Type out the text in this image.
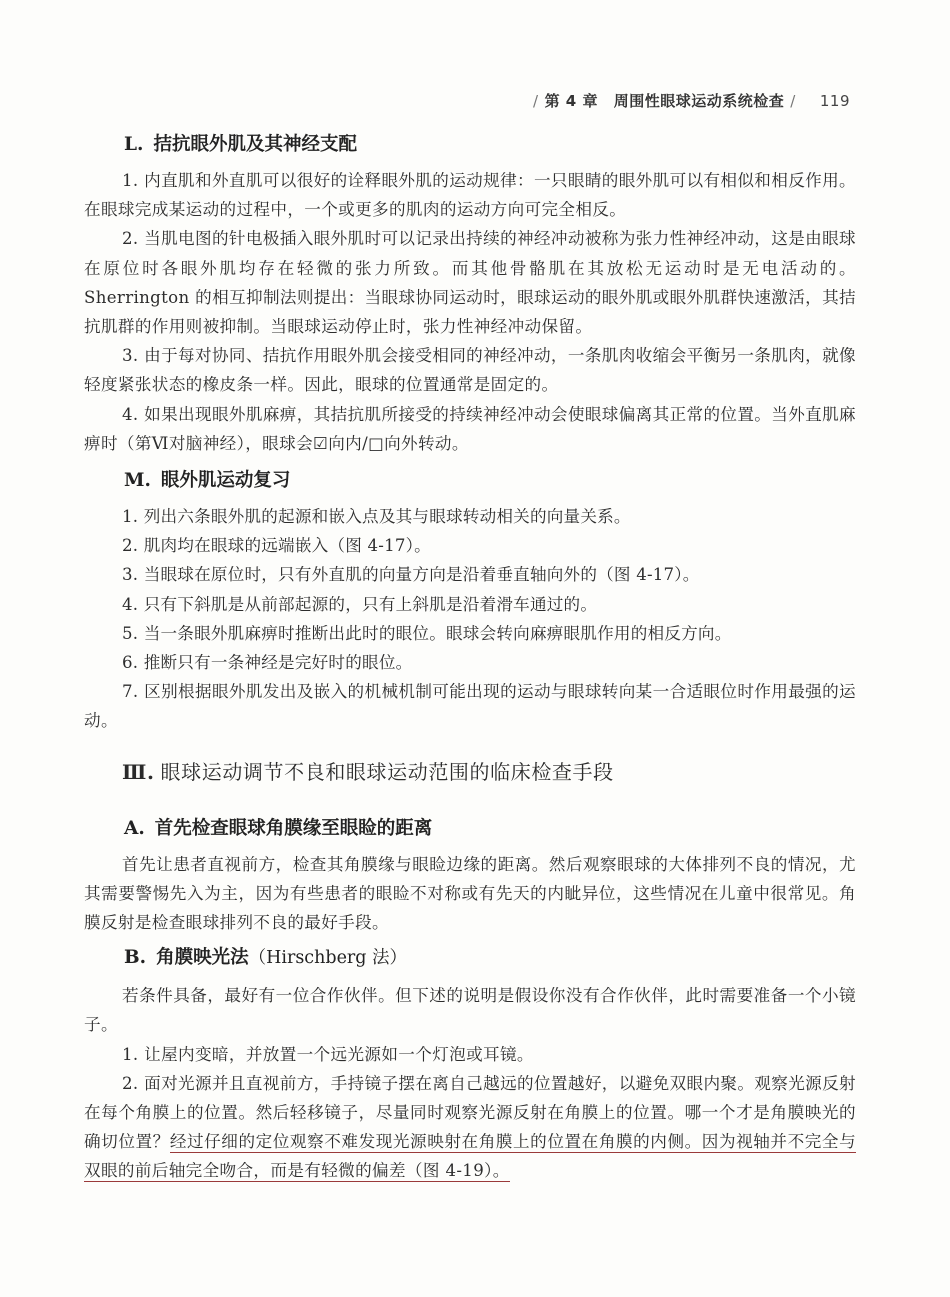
/ 第 4 章 周围性眼球运动系统检查 / 119
L. 拮抗眼外肌及其神经支配

1. 内直肌和外直肌可以很好的诠释眼外肌的运动规律：一只眼睛的眼外肌可以有相似和相反作用。在眼球完成某运动的过程中，一个或更多的肌肉的运动方向可完全相反。

2. 当肌电图的针电极插入眼外肌时可以记录出持续的神经冲动被称为张力性神经冲动，这是由眼球在原位时各眼外肌均存在轻微的张力所致。而其他骨骼肌在其放松无运动时是无电活动的。Sherrington 的相互抑制法则提出：当眼球协同运动时，眼球运动的眼外肌或眼外肌群快速激活，其拮抗肌群的作用则被抑制。当眼球运动停止时，张力性神经冲动保留。

3. 由于每对协同、拮抗作用眼外肌会接受相同的神经冲动，一条肌肉收缩会平衡另一条肌肉，就像轻度紧张状态的橡皮条一样。因此，眼球的位置通常是固定的。

4. 如果出现眼外肌麻痹，其拮抗肌所接受的持续神经冲动会使眼球偏离其正常的位置。当外直肌麻痹时（第Ⅵ对脑神经），眼球会☑向内/□向外转动。

M. 眼外肌运动复习

1. 列出六条眼外肌的起源和嵌入点及其与眼球转动相关的向量关系。

2. 肌肉均在眼球的远端嵌入（图 4-17）。

3. 当眼球在原位时，只有外直肌的向量方向是沿着垂直轴向外的（图 4-17）。

4. 只有下斜肌是从前部起源的，只有上斜肌是沿着滑车通过的。

5. 当一条眼外肌麻痹时推断出此时的眼位。眼球会转向麻痹眼肌作用的相反方向。

6. 推断只有一条神经是完好时的眼位。

7. 区别根据眼外肌发出及嵌入的机械机制可能出现的运动与眼球转向某一合适眼位时作用最强的运动。

Ⅲ. 眼球运动调节不良和眼球运动范围的临床检查手段
A. 首先检查眼球角膜缘至眼睑的距离

首先让患者直视前方，检查其角膜缘与眼睑边缘的距离。然后观察眼球的大体排列不良的情况，尤其需要警惕先入为主，因为有些患者的眼睑不对称或有先天的内眦异位，这些情况在儿童中很常见。角膜反射是检查眼球排列不良的最好手段。

B. 角膜映光法（Hirschberg 法）

若条件具备，最好有一位合作伙伴。但下述的说明是假设你没有合作伙伴，此时需要准备一个小镜子。

1. 让屋内变暗，并放置一个远光源如一个灯泡或耳镜。

2. 面对光源并且直视前方，手持镜子摆在离自己越远的位置越好，以避免双眼内聚。观察光源反射在每个角膜上的位置。然后轻移镜子，尽量同时观察光源反射在角膜上的位置。哪一个才是角膜映光的确切位置？经过仔细的定位观察不难发现光源映射在角膜上的位置在角膜的内侧。因为视轴并不完全与双眼的前后轴完全吻合，而是有轻微的偏差（图 4-19）。
